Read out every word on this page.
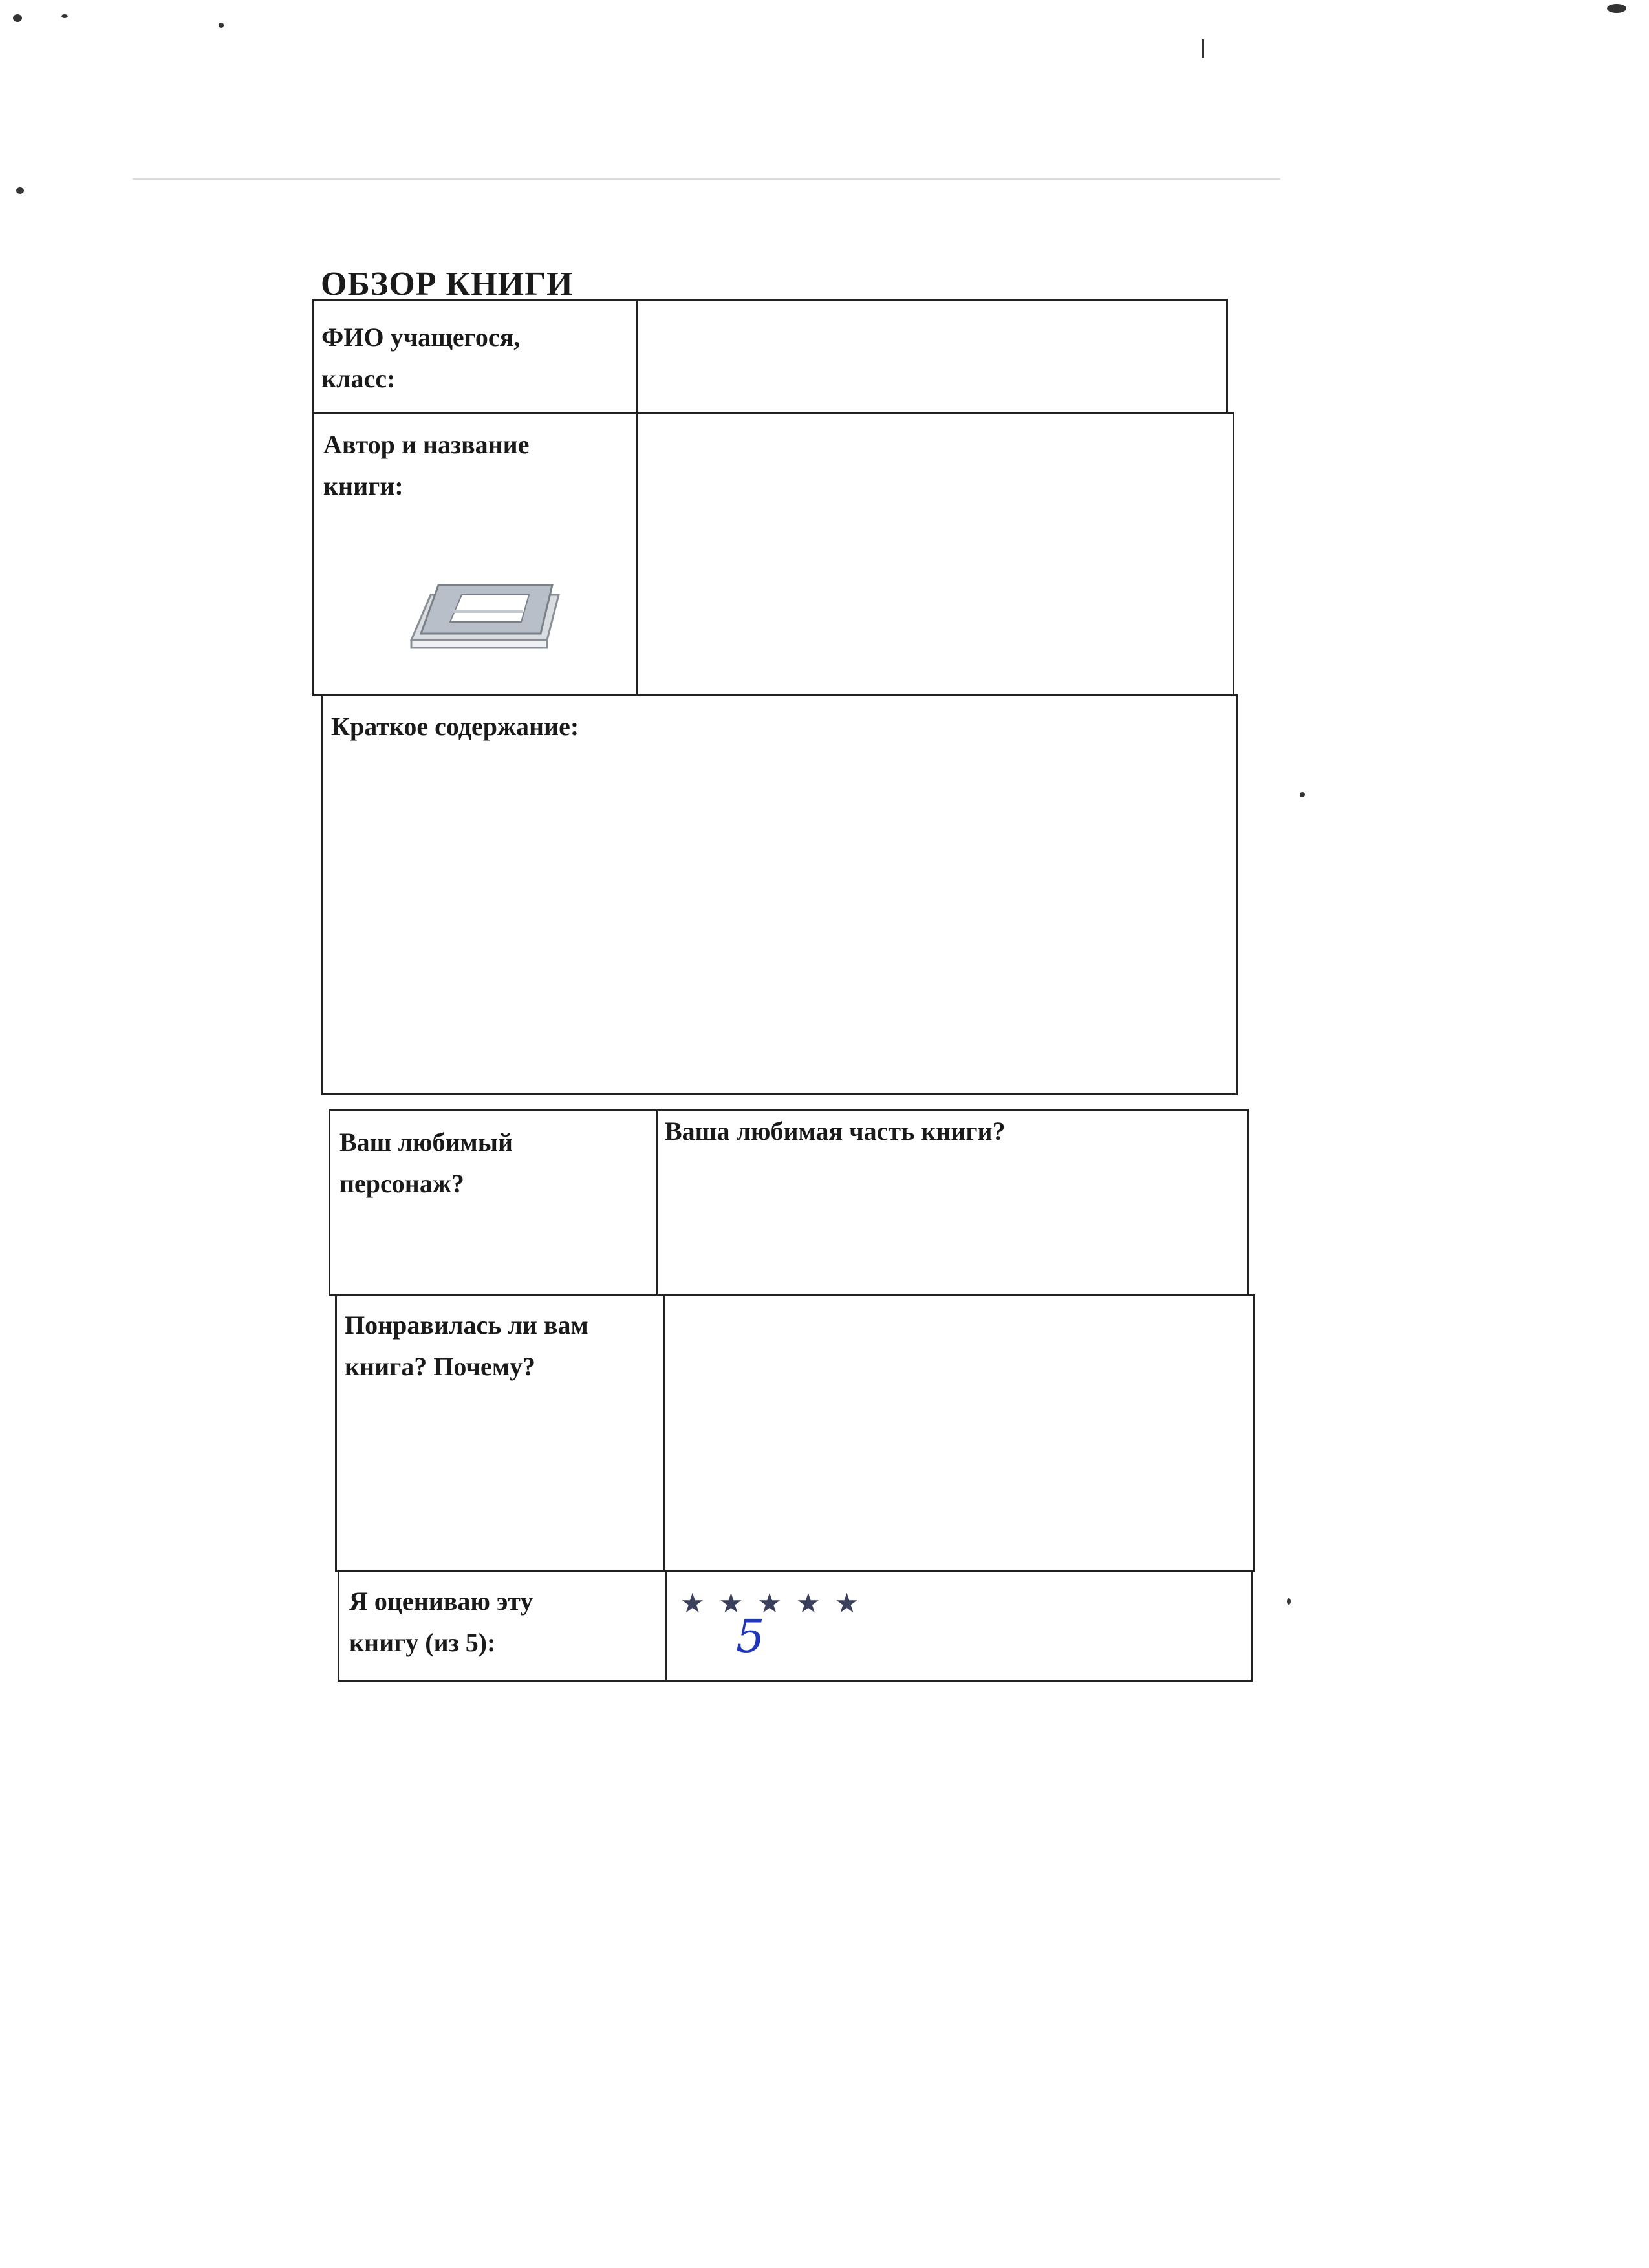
ОБЗОР КНИГИ
ФИО учащегося,
класс:
Автор и название
книги:
Краткое содержание:
Ваш любимый
персонаж?
Ваша любимая часть книги?
Понравилась ли вам
книга? Почему?
Я оцениваю эту
книгу (из 5):
★★★★★
5
